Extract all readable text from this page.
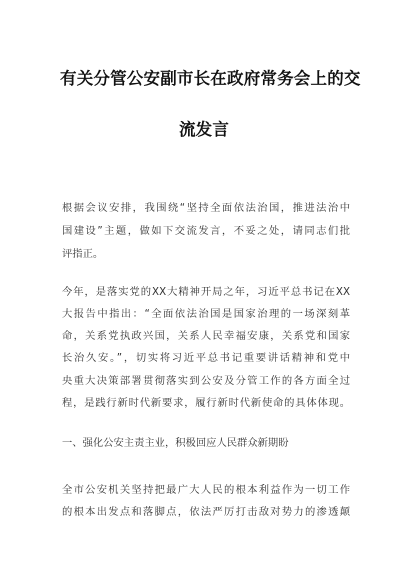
有关分管公安副市长在政府常务会上的交
流发言
根据会议安排，我围绕“坚持全面依法治国，推进法治中
国建设”主题，做如下交流发言，不妥之处，请同志们批
评指正。
今年，是落实党的XX大精神开局之年，习近平总书记在XX
大报告中指出：“全面依法治国是国家治理的一场深刻革
命，关系党执政兴国，关系人民幸福安康，关系党和国家
长治久安。”，切实将习近平总书记重要讲话精神和党中
央重大决策部署贯彻落实到公安及分管工作的各方面全过
程，是践行新时代新要求，履行新时代新使命的具体体现。
一、强化公安主责主业，积极回应人民群众新期盼
全市公安机关坚持把最广大人民的根本利益作为一切工作
的根本出发点和落脚点，依法严厉打击敌对势力的渗透颠
